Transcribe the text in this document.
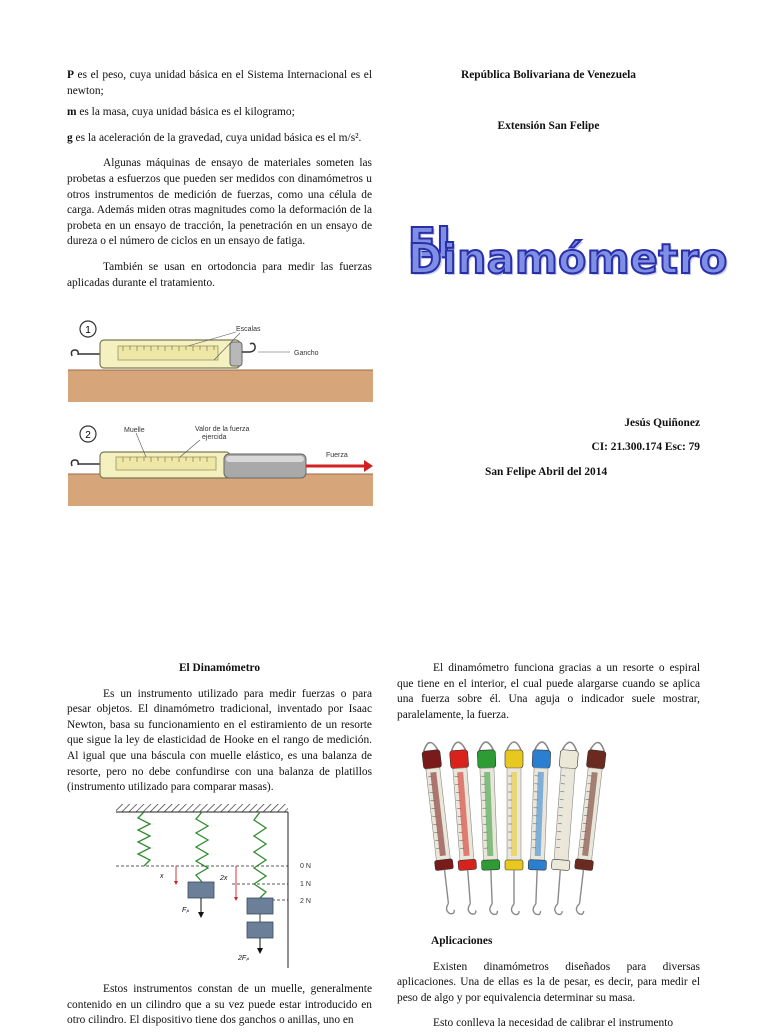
P es el peso, cuya unidad básica en el Sistema Internacional es el newton;

m es la masa, cuya unidad básica es el kilogramo;

g es la aceleración de la gravedad, cuya unidad básica es el m/s².

Algunas máquinas de ensayo de materiales someten las probetas a esfuerzos que pueden ser medidos con dinamómetros u otros instrumentos de medición de fuerzas, como una célula de carga. Además miden otras magnitudes como la deformación de la probeta en un ensayo de tracción, la penetración en un ensayo de dureza o el número de ciclos en un ensayo de fatiga.

También se usan en ortodoncia para medir las fuerzas aplicadas durante el tratamiento.

1
Gancho
Escalas
2
Fuerza
Muelle	Valor de la fuerza
ejercida

República Bolivariana de Venezuela

Extensión San Felipe

El Dinamómetro

Jesús Quiñonez

CI: 21.300.174 Esc: 79

San Felipe Abril del 2014

El Dinamómetro

Es un instrumento utilizado para medir fuerzas o para pesar objetos. El dinamómetro tradicional, inventado por Isaac Newton, basa su funcionamiento en el estiramiento de un resorte que sigue la ley de elasticidad de Hooke en el rango de medición. Al igual que una báscula con muelle elástico, es una balanza de resorte, pero no debe confundirse con una balanza de platillos (instrumento utilizado para comparar masas).

0 N
1 N
2 N
Fₚ
x
2Fₚ
2x

Estos instrumentos constan de un muelle, generalmente contenido en un cilindro que a su vez puede estar introducido en otro cilindro. El dispositivo tiene dos ganchos o anillas, uno en

El dinamómetro funciona gracias a un resorte o espiral que tiene en el interior, el cual puede alargarse cuando se aplica una fuerza sobre él. Una aguja o indicador suele mostrar, paralelamente, la fuerza.

Aplicaciones

Existen dinamómetros diseñados para diversas aplicaciones. Una de ellas es la de pesar, es decir, para medir el peso de algo y por equivalencia determinar su masa.

Esto conlleva la necesidad de calibrar el instrumento
